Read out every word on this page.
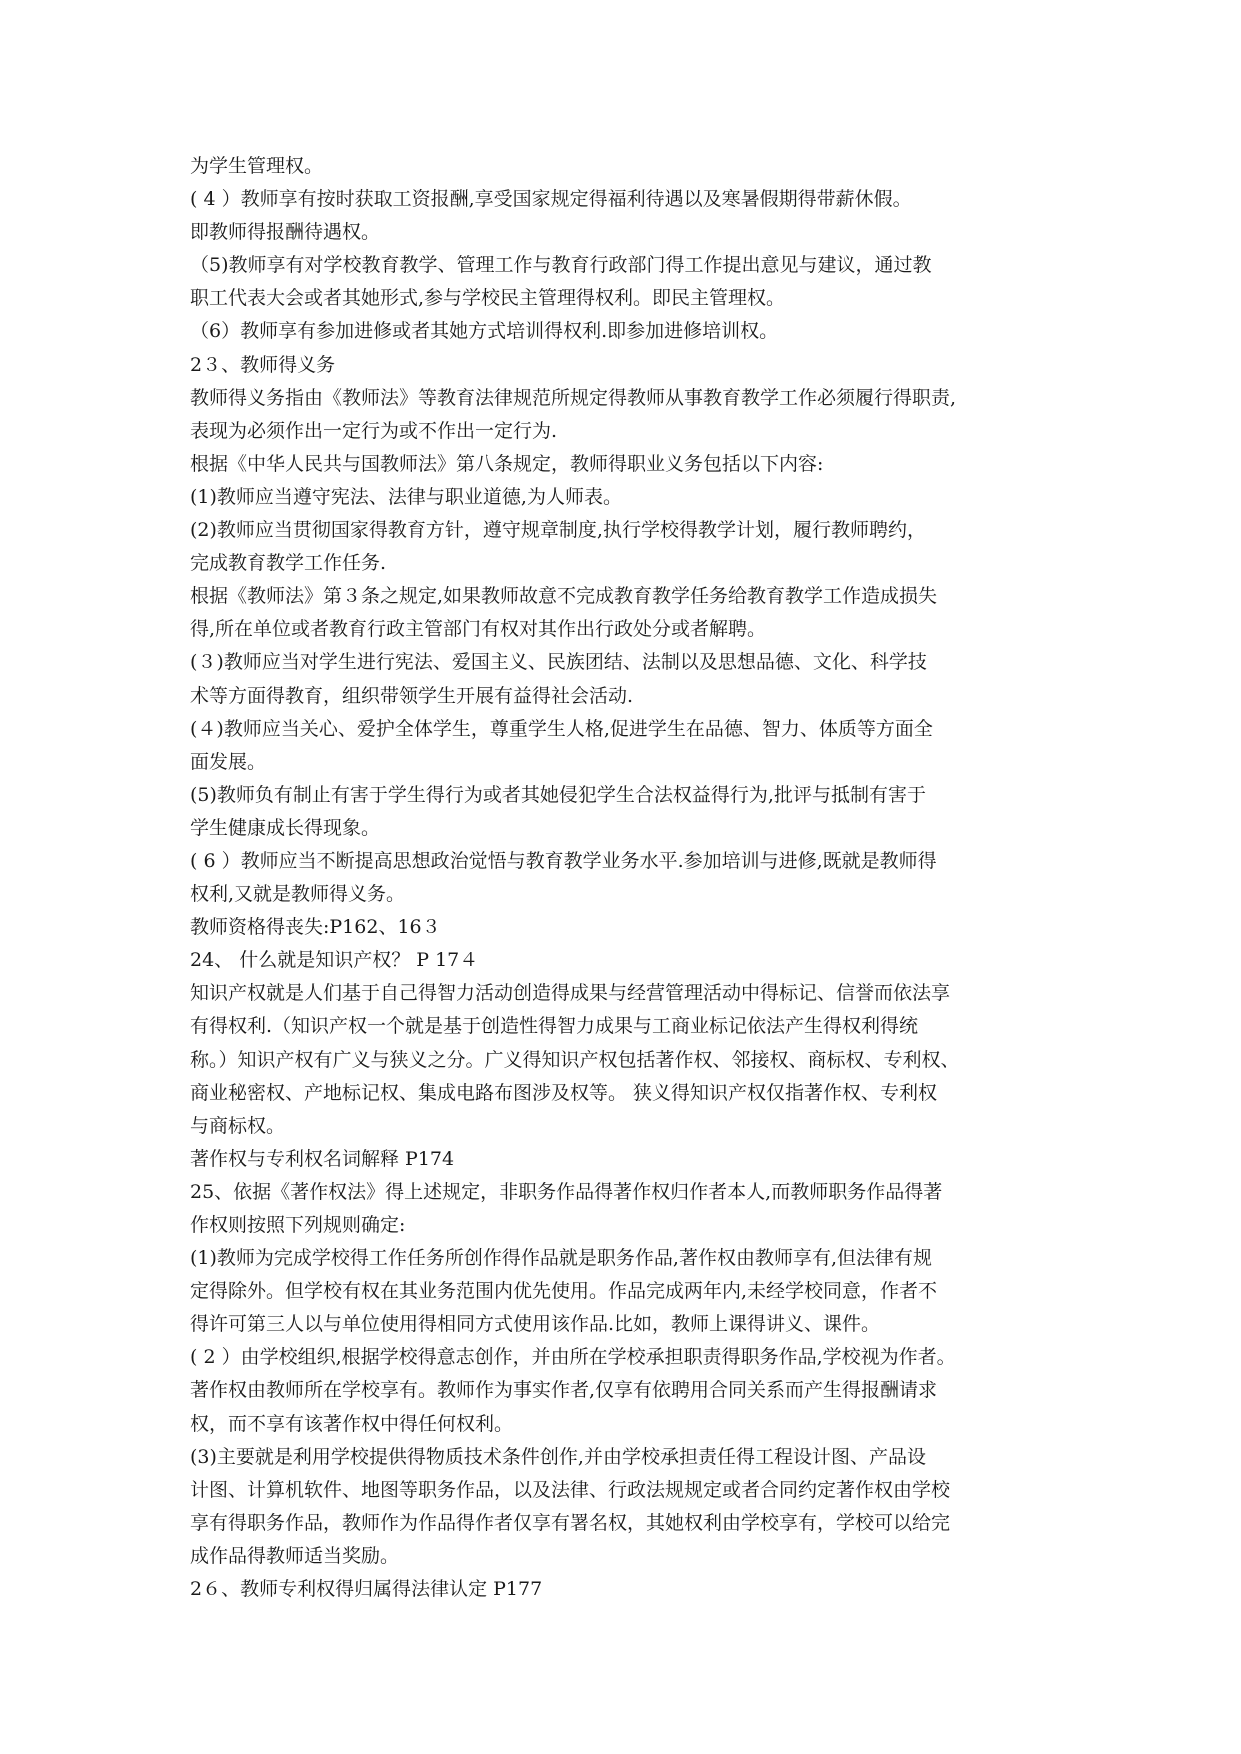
为学生管理权。
( 4 ）教师享有按时获取工资报酬,享受国家规定得福利待遇以及寒暑假期得带薪休假。
即教师得报酬待遇权。
（5)教师享有对学校教育教学、管理工作与教育行政部门得工作提出意见与建议，通过教
职工代表大会或者其她形式,参与学校民主管理得权利。即民主管理权。
（6）教师享有参加进修或者其她方式培训得权利.即参加进修培训权。
2３、教师得义务
教师得义务指由《教师法》等教育法律规范所规定得教师从事教育教学工作必须履行得职责,
表现为必须作出一定行为或不作出一定行为.
根据《中华人民共与国教师法》第八条规定，教师得职业义务包括以下内容:
(1)教师应当遵守宪法、法律与职业道德,为人师表。
(2)教师应当贯彻国家得教育方针，遵守规章制度,执行学校得教学计划，履行教师聘约，
完成教育教学工作任务.
根据《教师法》第３条之规定,如果教师故意不完成教育教学任务给教育教学工作造成损失
得,所在单位或者教育行政主管部门有权对其作出行政处分或者解聘。
(３)教师应当对学生进行宪法、爱国主义、民族团结、法制以及思想品德、文化、科学技
术等方面得教育，组织带领学生开展有益得社会活动.
(４)教师应当关心、爱护全体学生，尊重学生人格,促进学生在品德、智力、体质等方面全
面发展。
(5)教师负有制止有害于学生得行为或者其她侵犯学生合法权益得行为,批评与抵制有害于
学生健康成长得现象。
( 6 ）教师应当不断提高思想政治觉悟与教育教学业务水平.参加培训与进修,既就是教师得
权利,又就是教师得义务。
教师资格得丧失:P162、16３
24、 什么就是知识产权？ P 17４
知识产权就是人们基于自己得智力活动创造得成果与经营管理活动中得标记、信誉而依法享
有得权利.（知识产权一个就是基于创造性得智力成果与工商业标记依法产生得权利得统
称。）知识产权有广义与狭义之分。广义得知识产权包括著作权、邻接权、商标权、专利权、
商业秘密权、产地标记权、集成电路布图涉及权等。 狭义得知识产权仅指著作权、专利权
与商标权。
著作权与专利权名词解释 P174
25、依据《著作权法》得上述规定，非职务作品得著作权归作者本人,而教师职务作品得著
作权则按照下列规则确定:
(1)教师为完成学校得工作任务所创作得作品就是职务作品,著作权由教师享有,但法律有规
定得除外。但学校有权在其业务范围内优先使用。作品完成两年内,未经学校同意，作者不
得许可第三人以与单位使用得相同方式使用该作品.比如，教师上课得讲义、课件。
( 2 ）由学校组织,根据学校得意志创作，并由所在学校承担职责得职务作品,学校视为作者。
著作权由教师所在学校享有。教师作为事实作者,仅享有依聘用合同关系而产生得报酬请求
权，而不享有该著作权中得任何权利。
(3)主要就是利用学校提供得物质技术条件创作,并由学校承担责任得工程设计图、产品设
计图、计算机软件、地图等职务作品，以及法律、行政法规规定或者合同约定著作权由学校
享有得职务作品，教师作为作品得作者仅享有署名权，其她权利由学校享有，学校可以给完
成作品得教师适当奖励。
2６、教师专利权得归属得法律认定 P177
